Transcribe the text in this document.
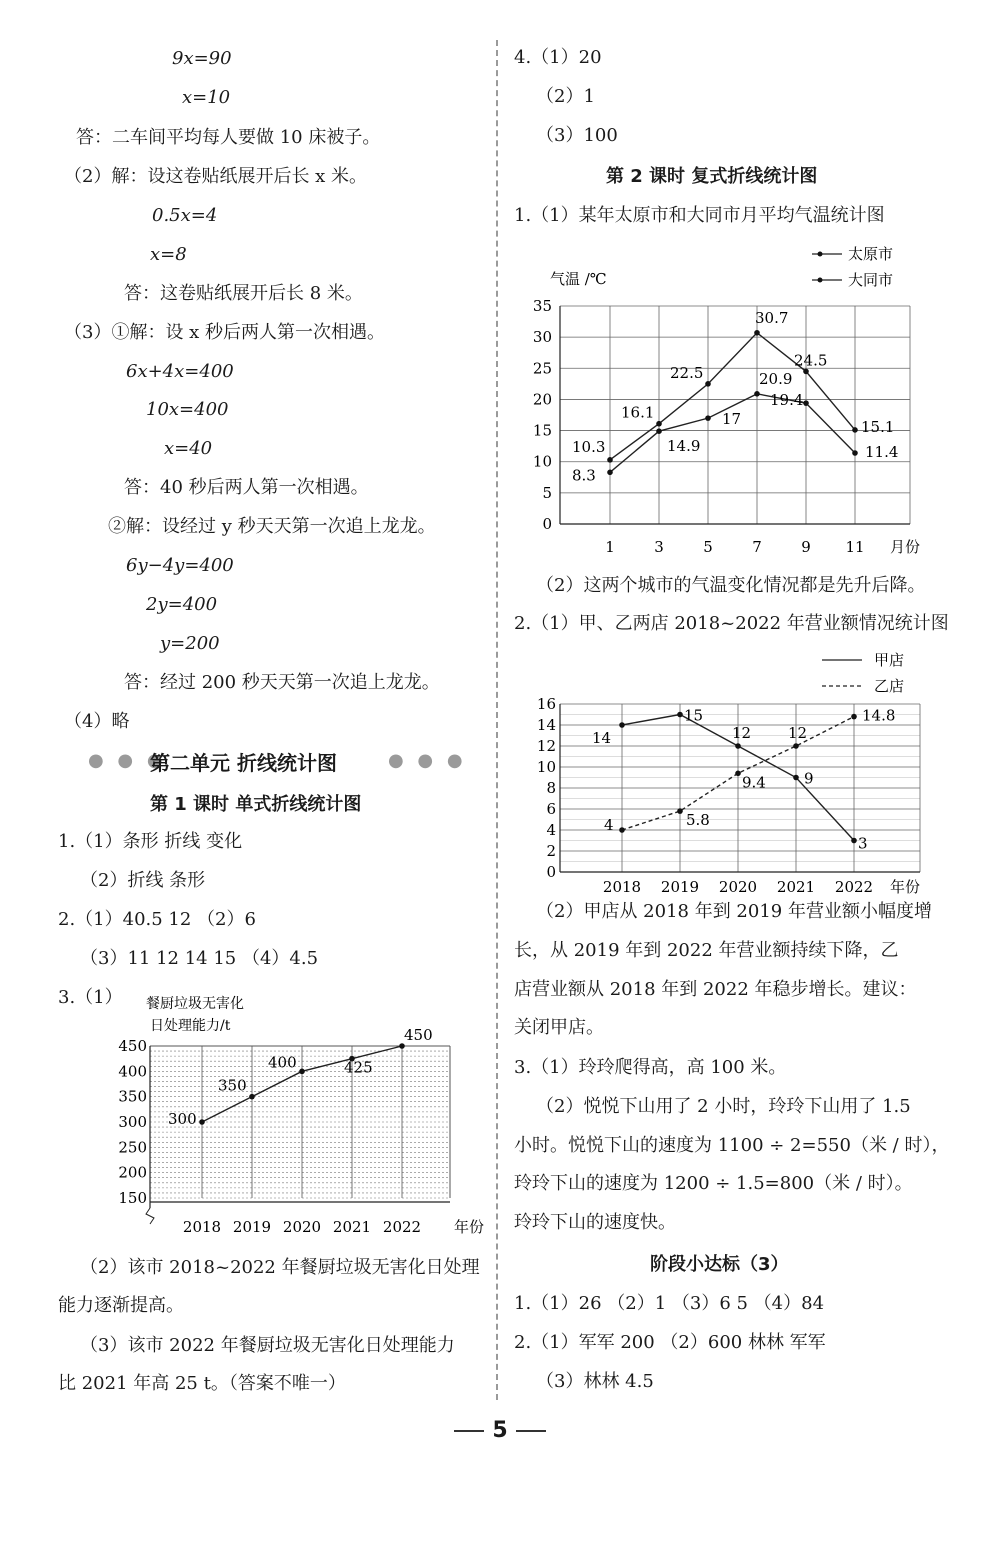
9x=90
x=10
答：二车间平均每人要做 10 床被子。
（2）解：设这卷贴纸展开后长 x 米。
0.5x=4
x=8
答：这卷贴纸展开后长 8 米。
（3）①解：设 x 秒后两人第一次相遇。
6x+4x=400
10x=400
x=40
答：40 秒后两人第一次相遇。
②解：设经过 y 秒天天第一次追上龙龙。
6y−4y=400
2y=400
y=200
答：经过 200 秒天天第一次追上龙龙。
（4）略
● ● ●
第二单元 折线统计图	● ● ●
第 1 课时 单式折线统计图
1.（1）条形 折线 变化
（2）折线 条形
2.（1）40.5 12 （2）6
（3）11 12 14 15 （4）4.5
3.（1）
150
200
250
300
350
400
450
2018 2019 2020 2021 2022 年份
餐厨垃圾无害化
日处理能力/t
300
350
400	425
450
（2）该市 2018~2022 年餐厨垃圾无害化日处理
能力逐渐提高。
（3）该市 2022 年餐厨垃圾无害化日处理能力
比 2021 年高 25 t。（答案不唯一）
4.（1）20
（2）1
（3）100
第 2 课时 复式折线统计图
1.（1）某年太原市和大同市月平均气温统计图
0
5
10
15
20
25
30
35
1	3	5	7	9 11 月份
气温 /℃
太原市
大同市
10.3
16.1
22.5
30.7
24.5
15.1
8.3
14.9
17
20.9
19.4
11.4
（2）这两个城市的气温变化情况都是先升后降。
2.（1）甲、乙两店 2018~2022 年营业额情况统计图
0
2
4
6
8
10
12
14
16
2018 2019 2020 2021 2022 年份
甲店
乙店
14
15
12
9
3
4	5.8
9.4
12
14.8
（2）甲店从 2018 年到 2019 年营业额小幅度增
长，从 2019 年到 2022 年营业额持续下降，乙
店营业额从 2018 年到 2022 年稳步增长。建议：
关闭甲店。
3.（1）玲玲爬得高，高 100 米。
（2）悦悦下山用了 2 小时，玲玲下山用了 1.5
小时。悦悦下山的速度为 1100 ÷ 2=550（米 / 时），
玲玲下山的速度为 1200 ÷ 1.5=800（米 / 时）。
玲玲下山的速度快。
阶段小达标（3）
1.（1）26 （2）1 （3）6 5 （4）84
2.（1）军军 200 （2）600 林林 军军
（3）林林 4.5
5
